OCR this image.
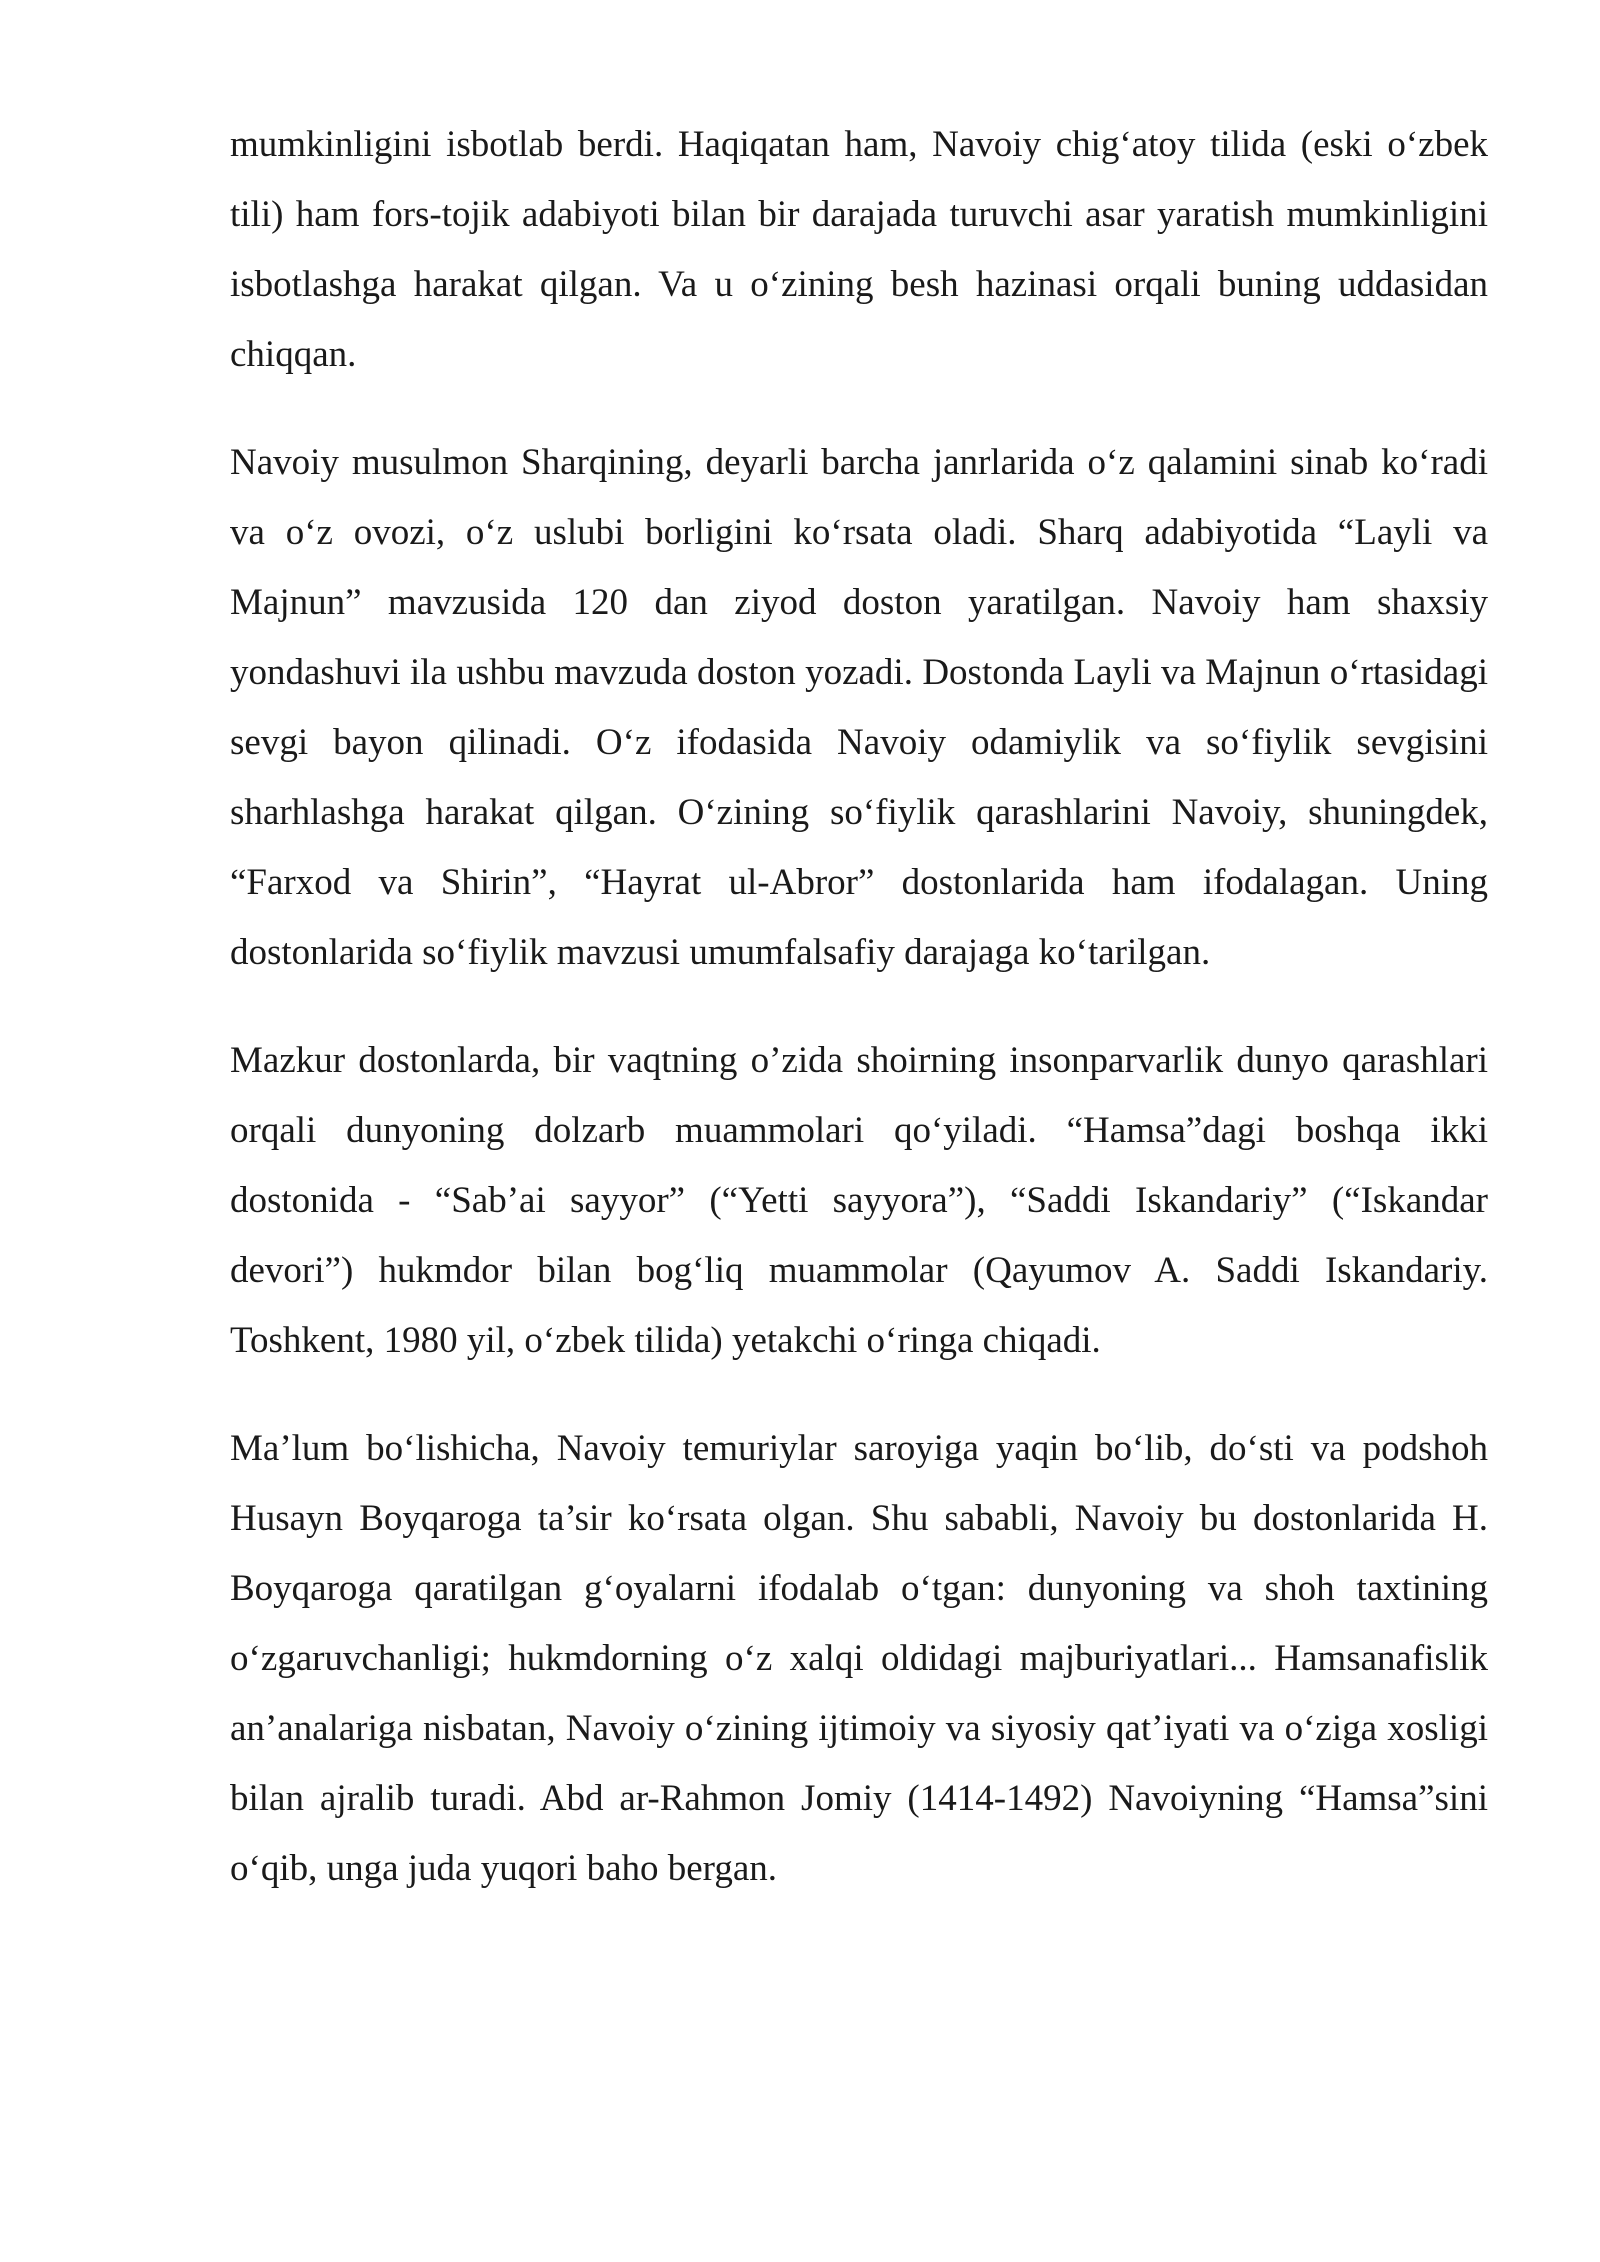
mumkinligini isbotlab berdi. Haqiqatan ham, Navoiy chig‘atoy tilida (eski o‘zbek tili) ham fors-tojik adabiyoti bilan bir darajada turuvchi asar yaratish mumkinligini isbotlashga harakat qilgan. Va u o‘zining besh hazinasi orqali buning uddasidan chiqqan.

Navoiy musulmon Sharqining, deyarli barcha janrlarida o‘z qalamini sinab ko‘radi va o‘z ovozi, o‘z uslubi borligini ko‘rsata oladi. Sharq adabiyotida “Layli va Majnun” mavzusida 120 dan ziyod doston yaratilgan. Navoiy ham shaxsiy yondashuvi ila ushbu mavzuda doston yozadi. Dostonda Layli va Majnun o‘rtasidagi sevgi bayon qilinadi. O‘z ifodasida Navoiy odamiylik va so‘fiylik sevgisini sharhlashga harakat qilgan. O‘zining so‘fiylik qarashlarini Navoiy, shuningdek, “Farxod va Shirin”, “Hayrat ul-Abror” dostonlarida ham ifodalagan. Uning dostonlarida so‘fiylik mavzusi umumfalsafiy darajaga ko‘tarilgan.

Mazkur dostonlarda, bir vaqtning o’zida shoirning insonparvarlik dunyo qarashlari orqali dunyoning dolzarb muammolari qo‘yiladi. “Hamsa”dagi boshqa ikki dostonida - “Sab’ai sayyor” (“Yetti sayyora”), “Saddi Iskandariy” (“Iskandar devori”) hukmdor bilan bog‘liq muammolar (Qayumov A. Saddi Iskandariy. Toshkent, 1980 yil, o‘zbek tilida) yetakchi o‘ringa chiqadi.

Ma’lum bo‘lishicha, Navoiy temuriylar saroyiga yaqin bo‘lib, do‘sti va podshoh Husayn Boyqaroga ta’sir ko‘rsata olgan. Shu sababli, Navoiy bu dostonlarida H. Boyqaroga qaratilgan g‘oyalarni ifodalab o‘tgan: dunyoning va shoh taxtining o‘zgaruvchanligi; hukmdorning o‘z xalqi oldidagi majburiyatlari... Hamsanafislik an’analariga nisbatan, Navoiy o‘zining ijtimoiy va siyosiy qat’iyati va o‘ziga xosligi bilan ajralib turadi. Abd ar-Rahmon Jomiy (1414-1492) Navoiyning “Hamsa”sini o‘qib, unga juda yuqori baho bergan.
